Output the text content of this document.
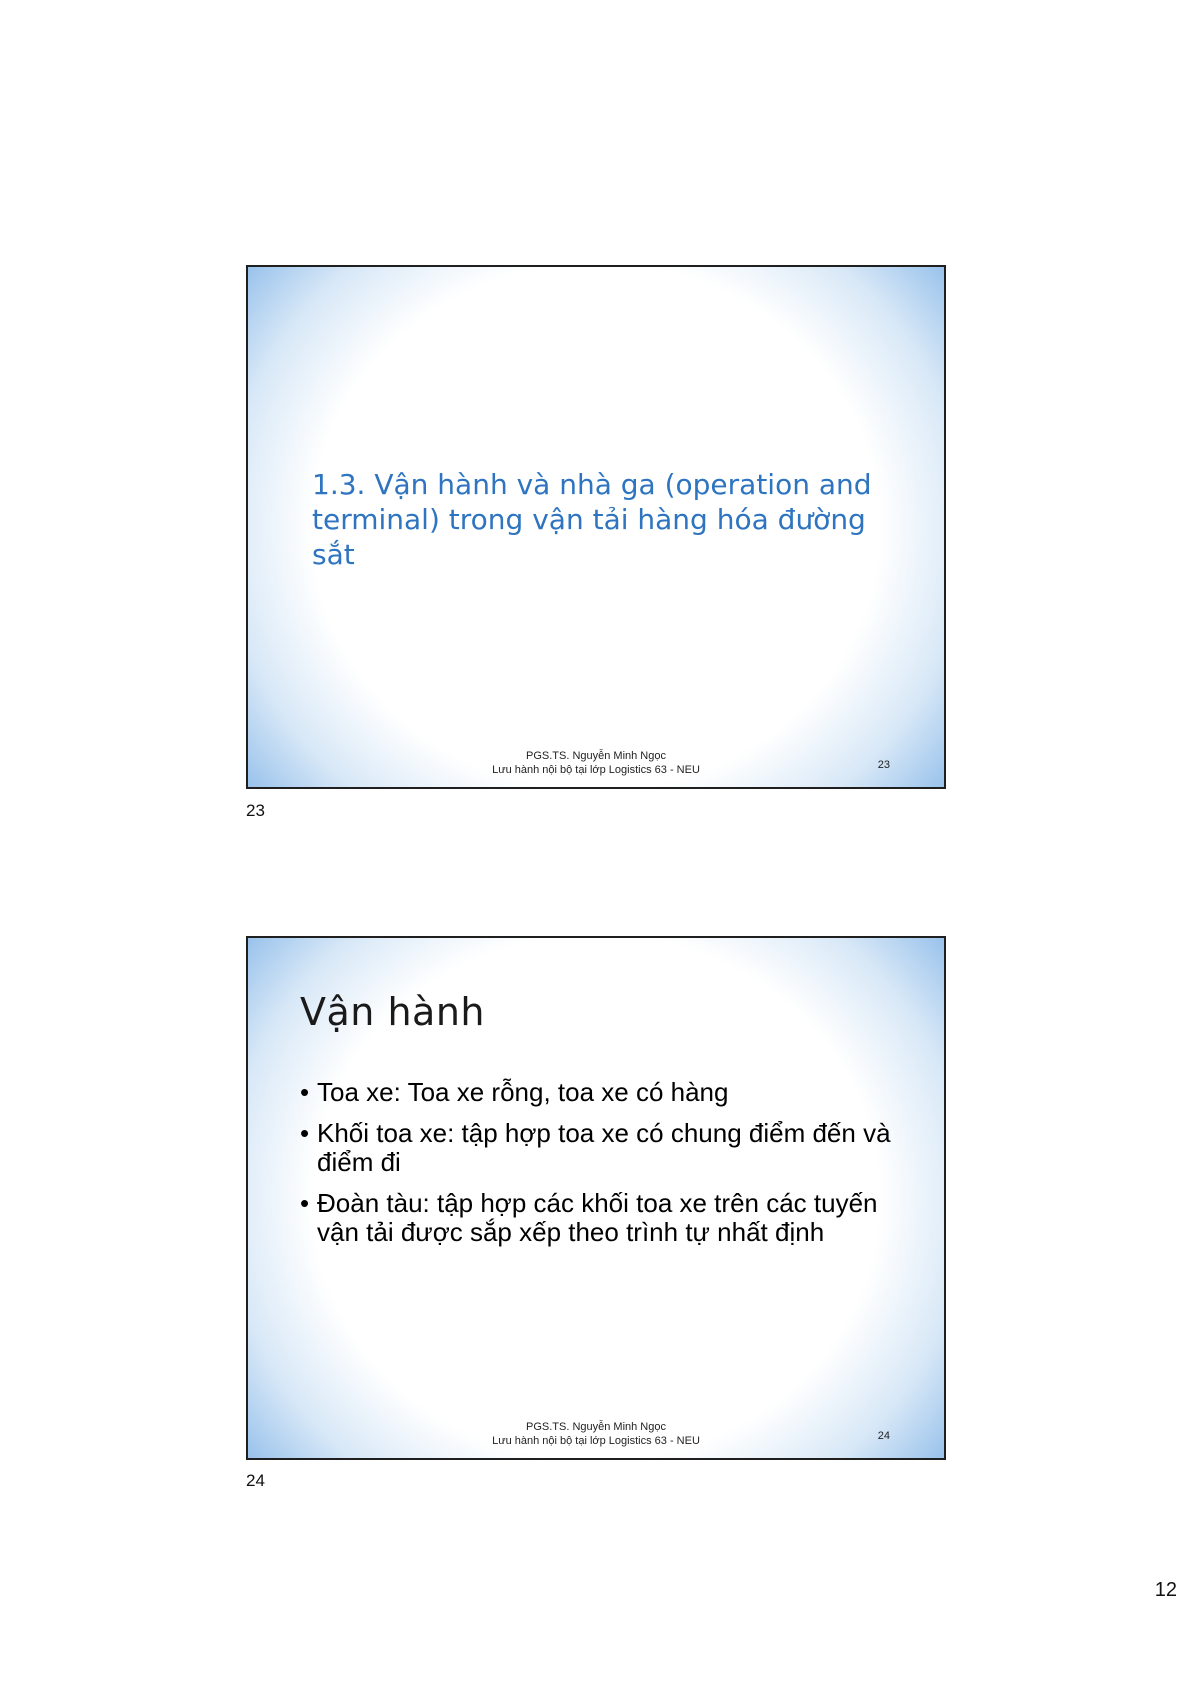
1.3. Vận hành và nhà ga (operation and terminal) trong vận tải hàng hóa đường sắt
PGS.TS. Nguyễn Minh Ngọc
Lưu hành nội bộ tại lớp Logistics 63 - NEU	23
23
Vận hành
• Toa xe: Toa xe rỗng, toa xe có hàng
• Khối toa xe: tập hợp toa xe có chung điểm đến và điểm đi
• Đoàn tàu: tập hợp các khối toa xe trên các tuyến vận tải được sắp xếp theo trình tự nhất định
PGS.TS. Nguyễn Minh Ngọc
Lưu hành nội bộ tại lớp Logistics 63 - NEU	24
24
12
